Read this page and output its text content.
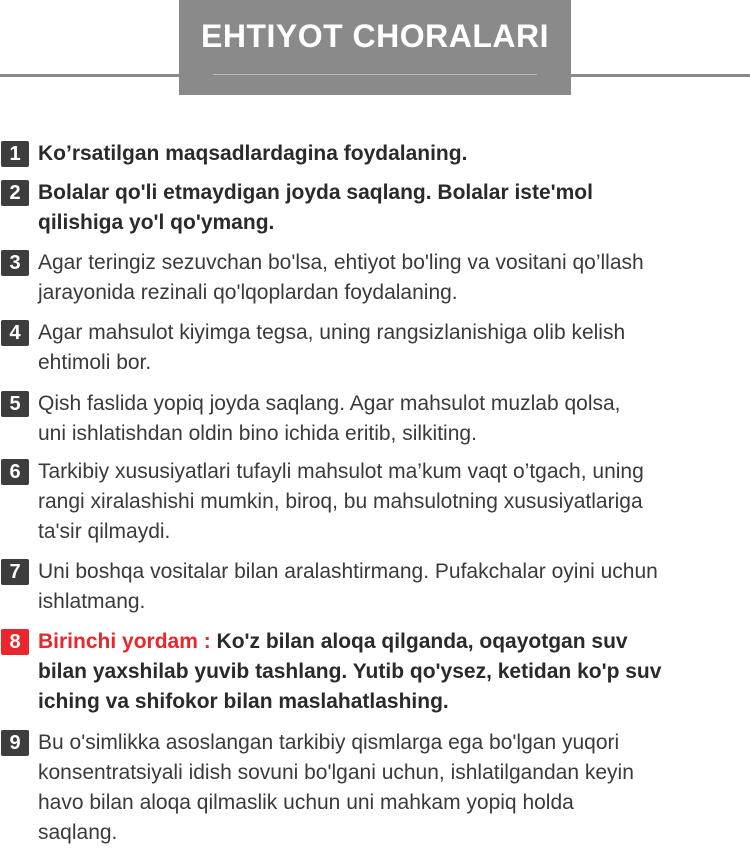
EHTIYOT CHORALARI
1 Ko’rsatilgan maqsadlardagina foydalaning.
2 Bolalar qo'li etmaydigan joyda saqlang. Bolalar iste'mol
qilishiga yo'l qo'ymang.
3 Agar teringiz sezuvchan bo'lsa, ehtiyot bo'ling va vositani qo’llash
jarayonida rezinali qo'lqoplardan foydalaning.
4 Agar mahsulot kiyimga tegsa, uning rangsizlanishiga olib kelish
ehtimoli bor.
5 Qish faslida yopiq joyda saqlang. Agar mahsulot muzlab qolsa,
uni ishlatishdan oldin bino ichida eritib, silkiting.
6 Tarkibiy xususiyatlari tufayli mahsulot ma’kum vaqt o’tgach, uning
rangi xiralashishi mumkin, biroq, bu mahsulotning xususiyatlariga
ta'sir qilmaydi.
7 Uni boshqa vositalar bilan aralashtirmang. Pufakchalar oyini uchun
ishlatmang.
8 Birinchi yordam : Ko'z bilan aloqa qilganda, oqayotgan suv
bilan yaxshilab yuvib tashlang. Yutib qo'ysez, ketidan ko'p suv
iching va shifokor bilan maslahatlashing.
9 Bu o'simlikka asoslangan tarkibiy qismlarga ega bo'lgan yuqori
konsentratsiyali idish sovuni bo'lgani uchun, ishlatilgandan keyin
havo bilan aloqa qilmaslik uchun uni mahkam yopiq holda
saqlang.
